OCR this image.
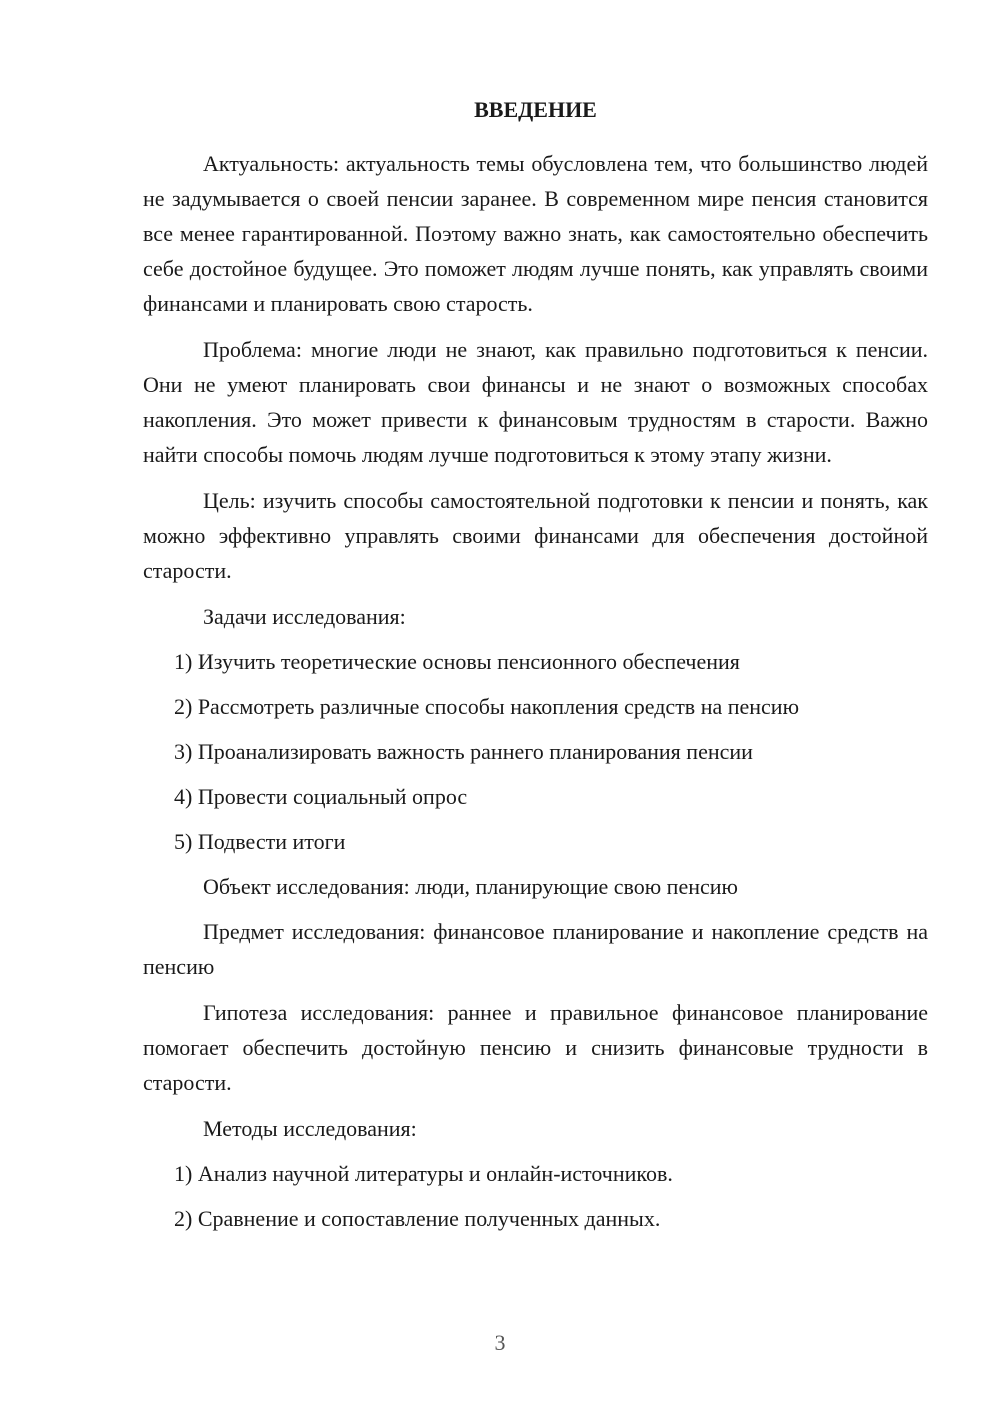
ВВЕДЕНИЕ

Актуальность: актуальность темы обусловлена тем, что большинство людей не задумывается о своей пенсии заранее. В современном мире пенсия становится все менее гарантированной. Поэтому важно знать, как самостоятельно обеспечить себе достойное будущее. Это поможет людям лучше понять, как управлять своими финансами и планировать свою старость.

Проблема: многие люди не знают, как правильно подготовиться к пенсии. Они не умеют планировать свои финансы и не знают о возможных способах накопления. Это может привести к финансовым трудностям в старости. Важно найти способы помочь людям лучше подготовиться к этому этапу жизни.

Цель: изучить способы самостоятельной подготовки к пенсии и понять, как можно эффективно управлять своими финансами для обеспечения достойной старости.

Задачи исследования:

1) Изучить теоретические основы пенсионного обеспечения
2) Рассмотреть различные способы накопления средств на пенсию
3) Проанализировать важность раннего планирования пенсии
4) Провести социальный опрос
5) Подвести итоги

Объект исследования: люди, планирующие свою пенсию

Предмет исследования: финансовое планирование и накопление средств на пенсию

Гипотеза исследования: раннее и правильное финансовое планирование помогает обеспечить достойную пенсию и снизить финансовые трудности в старости.

Методы исследования:

1) Анализ научной литературы и онлайн-источников.
2) Сравнение и сопоставление полученных данных.
3
